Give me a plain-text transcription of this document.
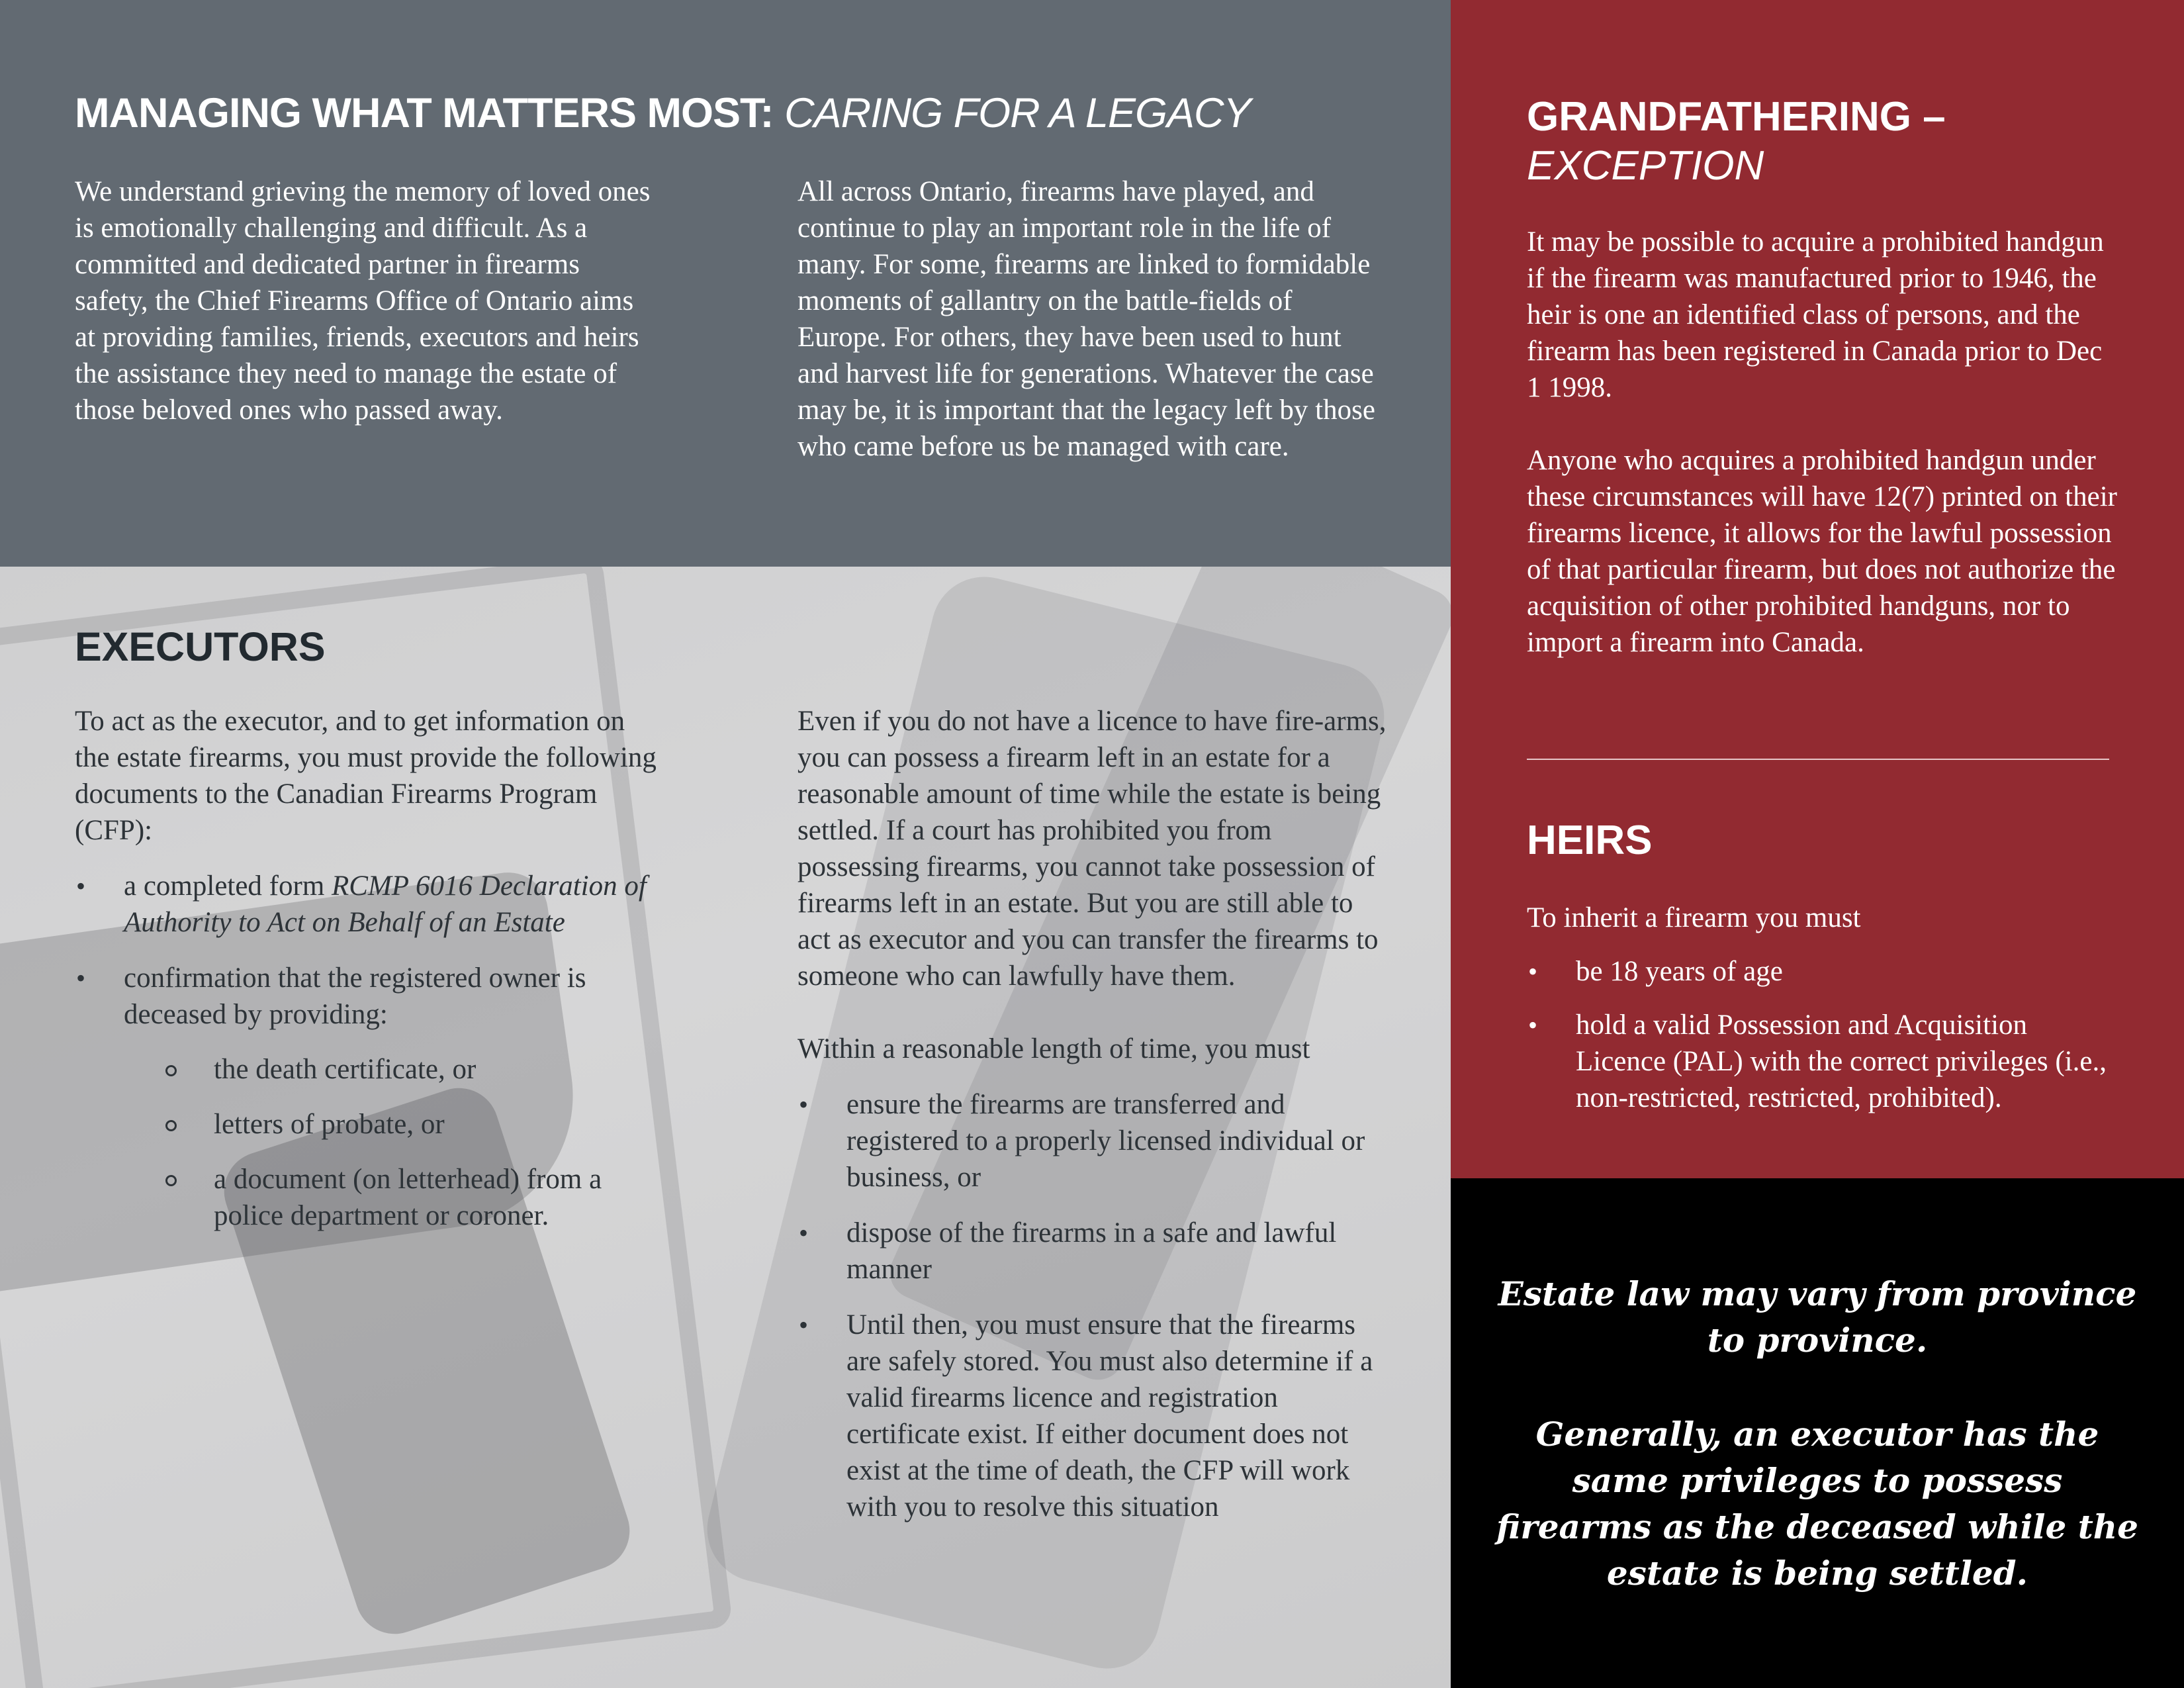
MANAGING WHAT MATTERS MOST: CARING FOR A LEGACY

We understand grieving the memory of loved ones is emotionally challenging and difficult. As a committed and dedicated partner in firearms safety, the Chief Firearms Office of Ontario aims at providing families, friends, executors and heirs the assistance they need to manage the estate of those beloved ones who passed away.

All across Ontario, firearms have played, and continue to play an important role in the life of many. For some, firearms are linked to formidable moments of gallantry on the battle-fields of Europe. For others, they have been used to hunt and harvest life for generations. Whatever the case may be, it is important that the legacy left by those who came before us be managed with care.

EXECUTORS

To act as the executor, and to get information on the estate firearms, you must provide the following documents to the Canadian Firearms Program (CFP):

• a completed form RCMP 6016 Declaration of Authority to Act on Behalf of an Estate
• confirmation that the registered owner is deceased by providing:
the death certificate, or
letters of probate, or
a document (on letterhead) from a police department or coroner.

Even if you do not have a licence to have fire-arms, you can possess a firearm left in an estate for a reasonable amount of time while the estate is being settled. If a court has prohibited you from possessing firearms, you cannot take possession of firearms left in an estate. But you are still able to act as executor and you can transfer the firearms to someone who can lawfully have them.

Within a reasonable length of time, you must

• ensure the firearms are transferred and registered to a properly licensed individual or business, or
• dispose of the firearms in a safe and lawful manner
• Until then, you must ensure that the firearms are safely stored. You must also determine if a valid firearms licence and registration certificate exist. If either document does not exist at the time of death, the CFP will work with you to resolve this situation
GRANDFATHERING –
EXCEPTION

It may be possible to acquire a prohibited handgun if the firearm was manufactured prior to 1946, the heir is one an identified class of persons, and the firearm has been registered in Canada prior to Dec 1 1998.

Anyone who acquires a prohibited handgun under these circumstances will have 12(7) printed on their firearms licence, it allows for the lawful possession of that particular firearm, but does not authorize the acquisition of other prohibited handguns, nor to import a firearm into Canada.

HEIRS

To inherit a firearm you must

• be 18 years of age
• hold a valid Possession and Acquisition Licence (PAL) with the correct privileges (i.e., non-restricted, restricted, prohibited).

Estate law may vary from province to province.

Generally, an executor has the same privileges to possess firearms as the deceased while the estate is being settled.
